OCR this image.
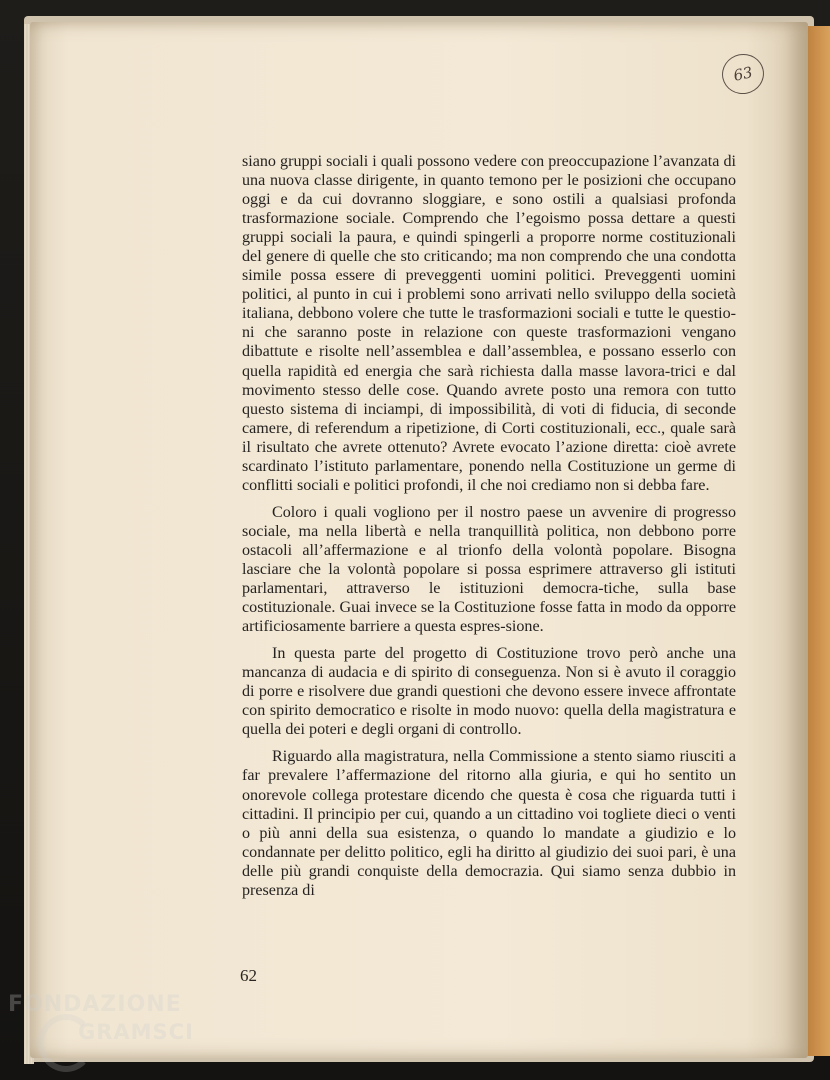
63

siano gruppi sociali i quali possono vedere con preoccupazione l’avanzata di una nuova classe dirigente, in quanto temono per le posizioni che occupano oggi e da cui dovranno sloggiare, e sono ostili a qualsiasi profonda trasformazione sociale. Comprendo che l’egoismo possa dettare a questi gruppi sociali la paura, e quindi spingerli a proporre norme costituzionali del genere di quelle che sto criticando; ma non comprendo che una condotta simile possa essere di preveggenti uomini politici. Preveggenti uomini politici, al punto in cui i problemi sono arrivati nello sviluppo della società italiana, debbono volere che tutte le trasformazioni sociali e tutte le questio-ni che saranno poste in relazione con queste trasformazioni vengano dibattute e risolte nell’assemblea e dall’assemblea, e possano esserlo con quella rapidità ed energia che sarà richiesta dalla masse lavora-trici e dal movimento stesso delle cose. Quando avrete posto una remora con tutto questo sistema di inciampi, di impossibilità, di voti di fiducia, di seconde camere, di referendum a ripetizione, di Corti costituzionali, ecc., quale sarà il risultato che avrete ottenuto? Avrete evocato l’azione diretta: cioè avrete scardinato l’istituto parlamentare, ponendo nella Costituzione un germe di conflitti sociali e politici profondi, il che noi crediamo non si debba fare.

Coloro i quali vogliono per il nostro paese un avvenire di progresso sociale, ma nella libertà e nella tranquillità politica, non debbono porre ostacoli all’affermazione e al trionfo della volontà popolare. Bisogna lasciare che la volontà popolare si possa esprimere attraverso gli istituti parlamentari, attraverso le istituzioni democra-tiche, sulla base costituzionale. Guai invece se la Costituzione fosse fatta in modo da opporre artificiosamente barriere a questa espres-sione.

In questa parte del progetto di Costituzione trovo però anche una mancanza di audacia e di spirito di conseguenza. Non si è avuto il coraggio di porre e risolvere due grandi questioni che devono essere invece affrontate con spirito democratico e risolte in modo nuovo: quella della magistratura e quella dei poteri e degli organi di controllo.

Riguardo alla magistratura, nella Commissione a stento siamo riusciti a far prevalere l’affermazione del ritorno alla giuria, e qui ho sentito un onorevole collega protestare dicendo che questa è cosa che riguarda tutti i cittadini. Il principio per cui, quando a un cittadino voi togliete dieci o venti o più anni della sua esistenza, o quando lo mandate a giudizio e lo condannate per delitto politico, egli ha diritto al giudizio dei suoi pari, è una delle più grandi conquiste della democrazia. Qui siamo senza dubbio in presenza di

62
FONDAZIONE
GRAMSCI
